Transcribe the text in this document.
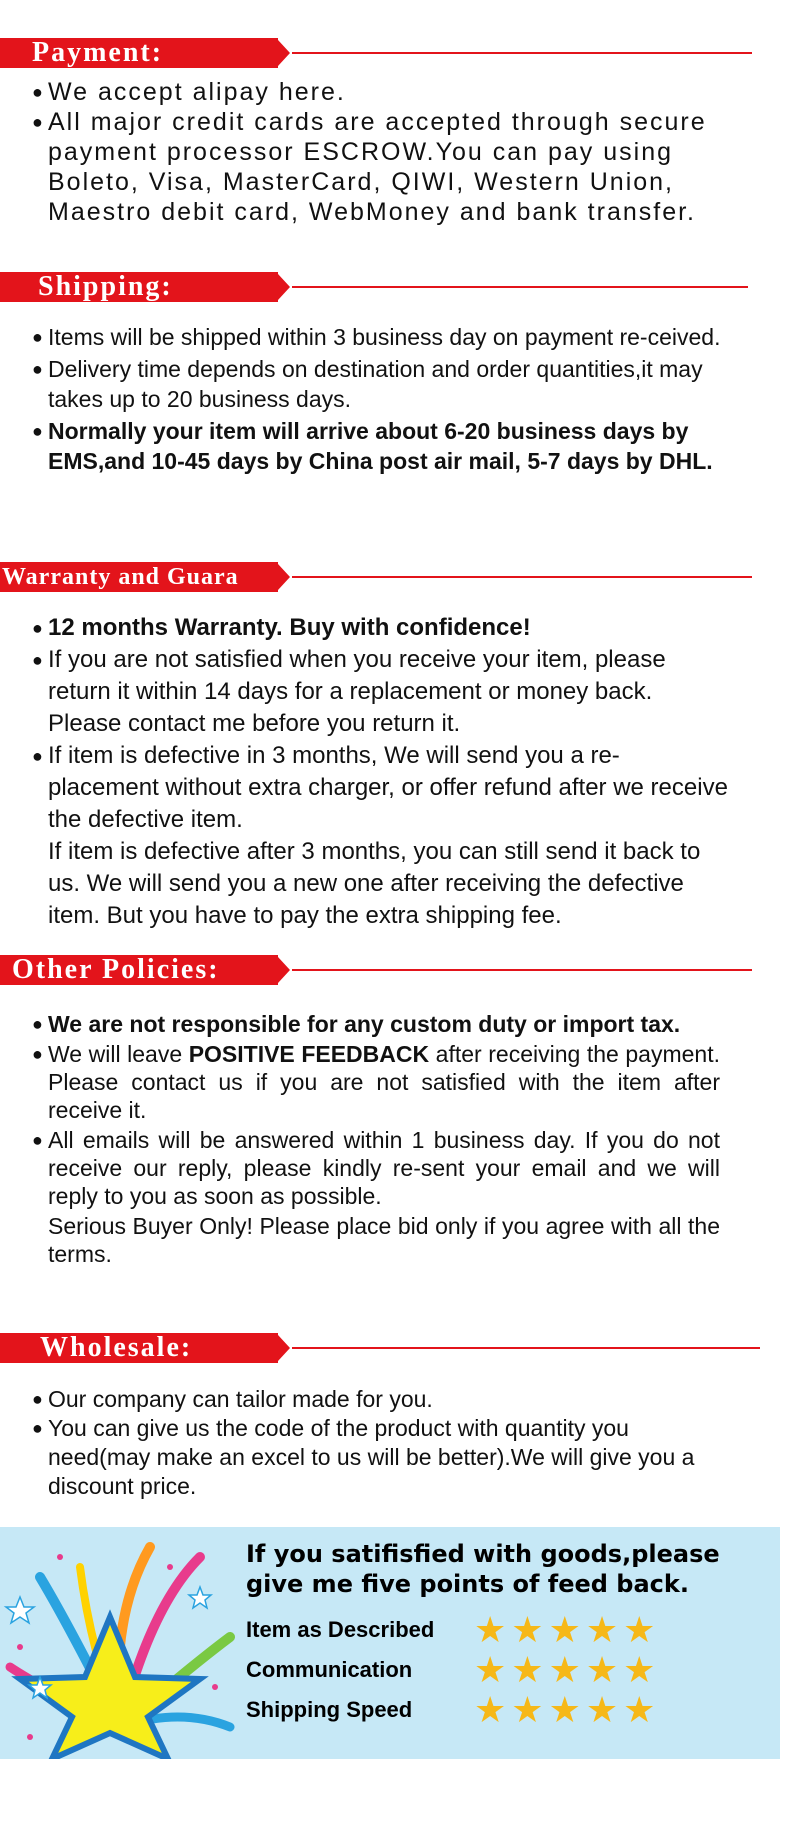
Payment:
● We accept alipay here.
● All major credit cards are accepted through secure payment processor ESCROW.You can pay using Boleto, Visa, MasterCard, QIWI, Western Union, Maestro debit card, WebMoney and bank transfer.
Shipping:
● Items will be shipped within 3 business day on payment re-ceived.
● Delivery time depends on destination and order quantities,it may takes up to 20 business days.
● Normally your item will arrive about 6-20 business days by EMS,and 10-45 days by China post air mail, 5-7 days by DHL.
Warranty and Guara
● 12 months Warranty. Buy with confidence!
● If you are not satisfied when you receive your item, please return it within 14 days for a replacement or money back. Please contact me before you return it.
● If item is defective in 3 months, We will send you a re-placement without extra charger, or offer refund after we receive the defective item.
If item is defective after 3 months, you can still send it back to us. We will send you a new one after receiving the defective item. But you have to pay the extra shipping fee.
Other Policies:
● We are not responsible for any custom duty or import tax.
● We will leave POSITIVE FEEDBACK after receiving the payment. Please contact us if you are not satisfied with the item after receive it.
● All emails will be answered within 1 business day. If you do not receive our reply, please kindly re-sent your email and we will reply to you as soon as possible.
Serious Buyer Only! Please place bid only if you agree with all the terms.
Wholesale:
● Our company can tailor made for you.
● You can give us the code of the product with quantity you need(may make an excel to us will be better).We will give you a discount price.
If you satifisfied with goods,please give me five points of feed back.
Item as Described ★ ★ ★ ★ ★
Communication ★ ★ ★ ★ ★
Shipping Speed ★ ★ ★ ★ ★
